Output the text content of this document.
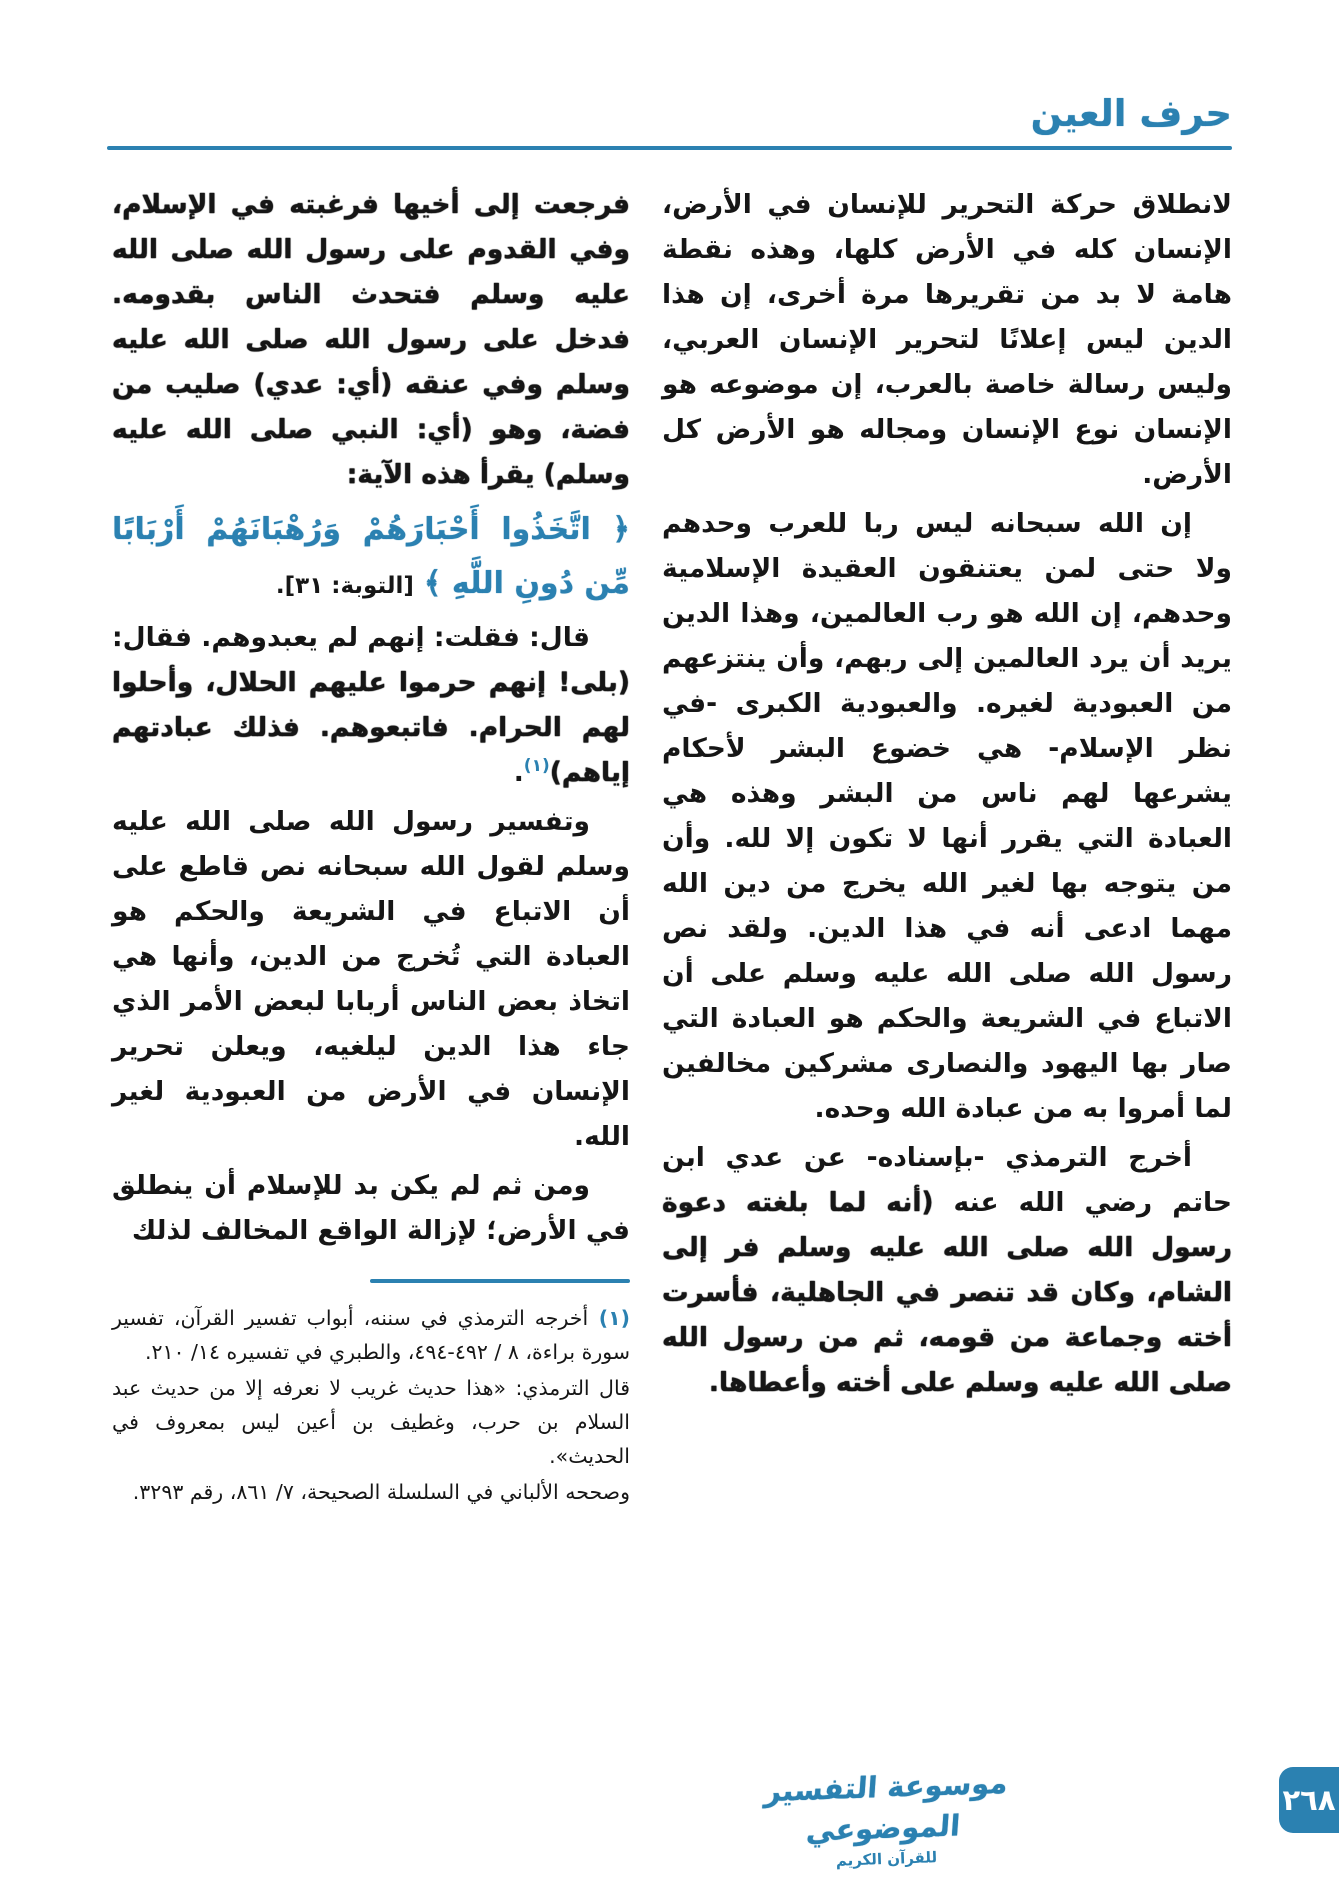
حرف العين

لانطلاق حركة التحرير للإنسان في الأرض، الإنسان كله في الأرض كلها، وهذه نقطة هامة لا بد من تقريرها مرة أخرى، إن هذا الدين ليس إعلانًا لتحرير الإنسان العربي، وليس رسالة خاصة بالعرب، إن موضوعه هو الإنسان نوع الإنسان ومجاله هو الأرض كل الأرض.

إن الله سبحانه ليس ربا للعرب وحدهم ولا حتى لمن يعتنقون العقيدة الإسلامية وحدهم، إن الله هو رب العالمين، وهذا الدين يريد أن يرد العالمين إلى ربهم، وأن ينتزعهم من العبودية لغيره. والعبودية الكبرى -في نظر الإسلام- هي خضوع البشر لأحكام يشرعها لهم ناس من البشر وهذه هي العبادة التي يقرر أنها لا تكون إلا لله. وأن من يتوجه بها لغير الله يخرج من دين الله مهما ادعى أنه في هذا الدين. ولقد نص رسول الله صلى الله عليه وسلم على أن الاتباع في الشريعة والحكم هو العبادة التي صار بها اليهود والنصارى مشركين مخالفين لما أمروا به من عبادة الله وحده.

أخرج الترمذي -بإسناده- عن عدي ابن حاتم رضي الله عنه (أنه لما بلغته دعوة رسول الله صلى الله عليه وسلم فر إلى الشام، وكان قد تنصر في الجاهلية، فأسرت أخته وجماعة من قومه، ثم من رسول الله صلى الله عليه وسلم على أخته وأعطاها.

فرجعت إلى أخيها فرغبته في الإسلام، وفي القدوم على رسول الله صلى الله عليه وسلم فتحدث الناس بقدومه. فدخل على رسول الله صلى الله عليه وسلم وفي عنقه (أي: عدي) صليب من فضة، وهو (أي: النبي صلى الله عليه وسلم) يقرأ هذه الآية:

﴿ اتَّخَذُوا أَحْبَارَهُمْ وَرُهْبَانَهُمْ أَرْبَابًا مِّن دُونِ اللَّهِ ﴾[التوبة: ٣١].

قال: فقلت: إنهم لم يعبدوهم. فقال: (بلى! إنهم حرموا عليهم الحلال، وأحلوا لهم الحرام. فاتبعوهم. فذلك عبادتهم إياهم)$^{(١)}$.

وتفسير رسول الله صلى الله عليه وسلم لقول الله سبحانه نص قاطع على أن الاتباع في الشريعة والحكم هو العبادة التي تُخرج من الدين، وأنها هي اتخاذ بعض الناس أربابا لبعض الأمر الذي جاء هذا الدين ليلغيه، ويعلن تحرير الإنسان في الأرض من العبودية لغير الله.

ومن ثم لم يكن بد للإسلام أن ينطلق في الأرض؛ لإزالة الواقع المخالف لذلك

(١) أخرجه الترمذي في سننه، أبواب تفسير القرآن، تفسير سورة براءة، ٨ / ٤٩٢-٤٩٤، والطبري في تفسيره ١٤/ ٢١٠.

قال الترمذي: «هذا حديث غريب لا نعرفه إلا من حديث عبد السلام بن حرب، وغطيف بن أعين ليس بمعروف في الحديث».

وصححه الألباني في السلسلة الصحيحة، ٧/ ٨٦١، رقم ٣٢٩٣.

موسوعة التفسير الموضوعي
للقرآن الكريم
٢٦٨
